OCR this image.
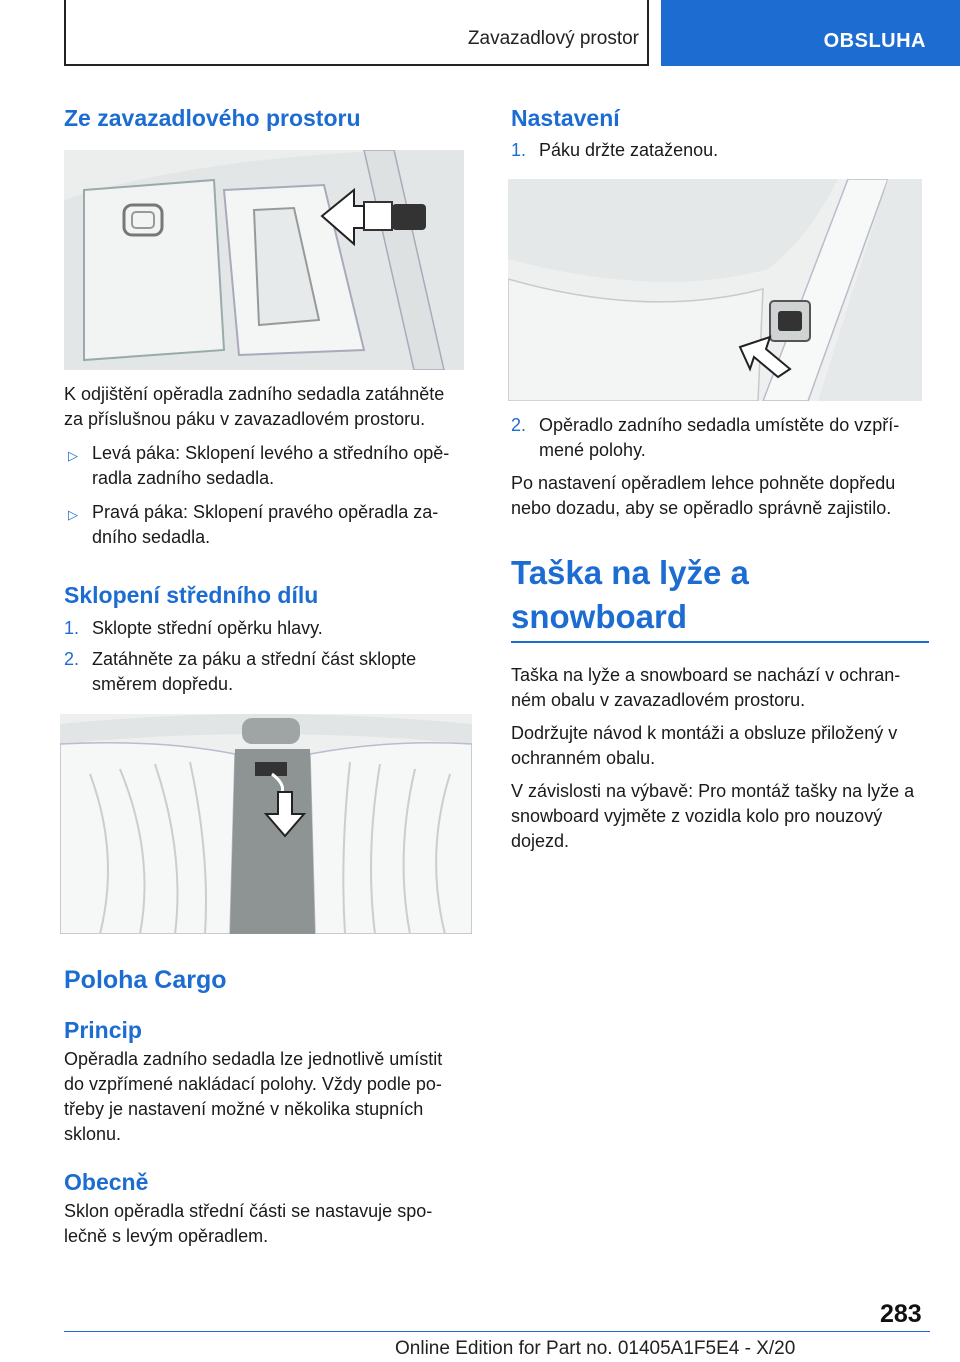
Zavazadlový prostor	OBSLUHA
Ze zavazadlového prostoru

K odjištění opěradla zadního sedadla zatáhněte za příslušnou páku v zavazadlovém prostoru.

▷ Levá páka: Sklopení levého a středního opě‐radla zadního sedadla.
▷ Pravá páka: Sklopení pravého opěradla za‐dního sedadla.
Sklopení středního dílu
1. Sklopte střední opěrku hlavy.
2. Zatáhněte za páku a střední část sklopte směrem dopředu.
Poloha Cargo
Princip

Opěradla zadního sedadla lze jednotlivě umístit do vzpřímené nakládací polohy. Vždy podle po‐třeby je nastavení možné v několika stupních sklonu.

Obecně

Sklon opěradla střední části se nastavuje spo‐lečně s levým opěradlem.

Nastavení
1. Páku držte zataženou.
2. Opěradlo zadního sedadla umístěte do vzpří‐mené polohy.

Po nastavení opěradlem lehce pohněte dopředu nebo dozadu, aby se opěradlo správně zajistilo.

Taška na lyže a snowboard

Taška na lyže a snowboard se nachází v ochran‐ném obalu v zavazadlovém prostoru.

Dodržujte návod k montáži a obsluze přiložený v ochranném obalu.

V závislosti na výbavě: Pro montáž tašky na lyže a snowboard vyjměte z vozidla kolo pro nouzový dojezd.

283
Online Edition for Part no. 01405A1F5E4 - X/20
